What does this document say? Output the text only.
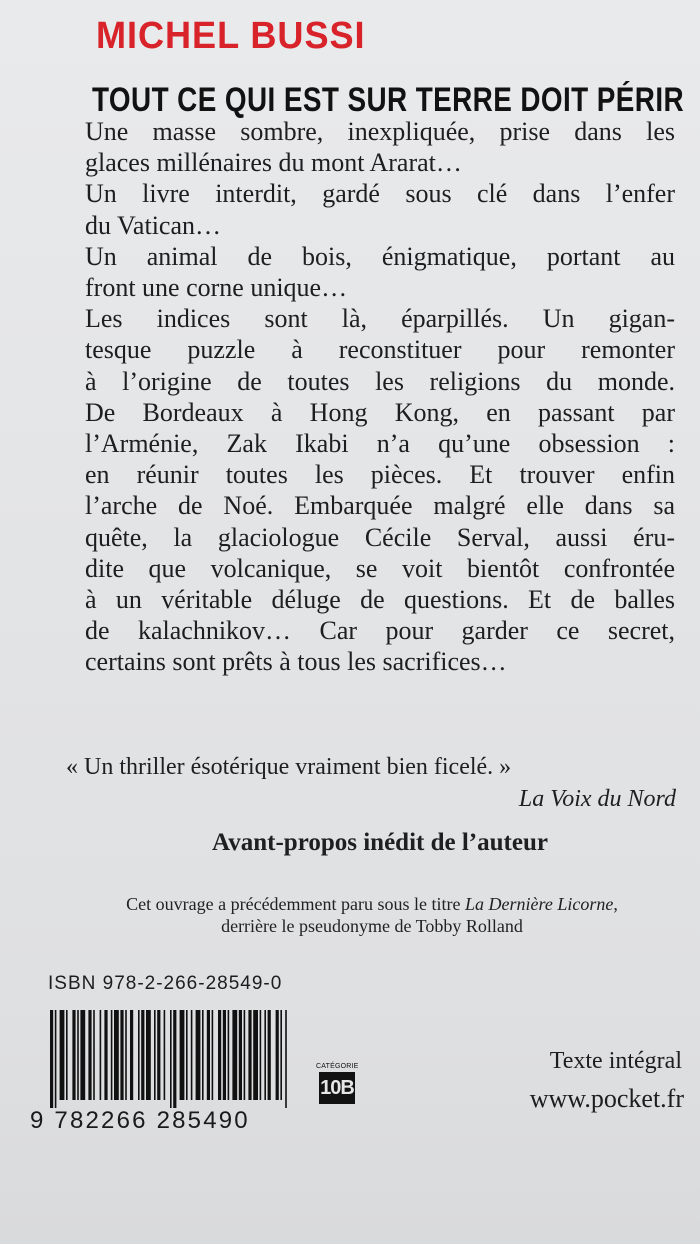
MICHEL BUSSI
TOUT CE QUI EST SUR TERRE DOIT PÉRIR
Une masse sombre, inexpliquée, prise dans les
glaces millénaires du mont Ararat…
Un livre interdit, gardé sous clé dans l’enfer
du Vatican…
Un animal de bois, énigmatique, portant au
front une corne unique…
Les indices sont là, éparpillés. Un gigan-
tesque puzzle à reconstituer pour remonter
à l’origine de toutes les religions du monde.
De Bordeaux à Hong Kong, en passant par
l’Arménie, Zak Ikabi n’a qu’une obsession :
en réunir toutes les pièces. Et trouver enfin
l’arche de Noé. Embarquée malgré elle dans sa
quête, la glaciologue Cécile Serval, aussi éru-
dite que volcanique, se voit bientôt confrontée
à un véritable déluge de questions. Et de balles
de kalachnikov… Car pour garder ce secret,
certains sont prêts à tous les sacrifices…
« Un thriller ésotérique vraiment bien ficelé. »
La Voix du Nord
Avant-propos inédit de l’auteur
Cet ouvrage a précédemment paru sous le titre La Dernière Licorne,
derrière le pseudonyme de Tobby Rolland
ISBN 978-2-266-28549-0
9 782266 285490
CATÉGORIE
10B
Texte intégral
www.pocket.fr
